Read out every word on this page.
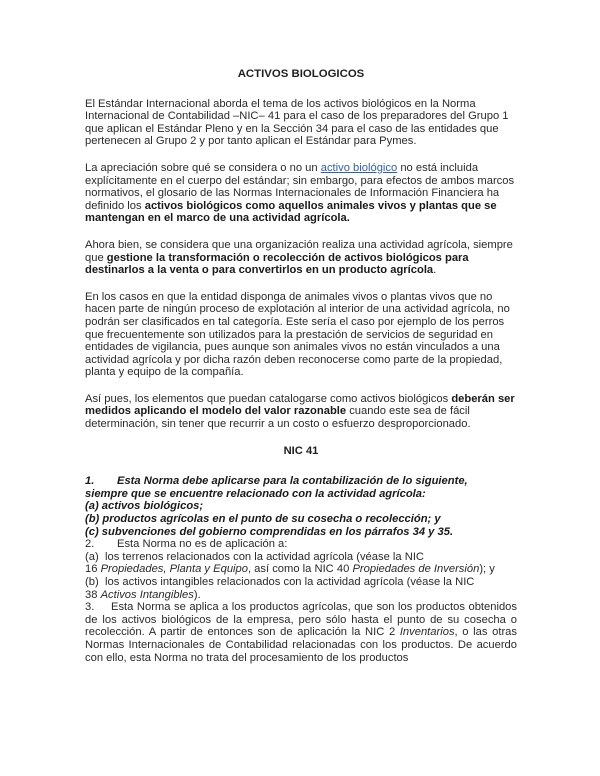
ACTIVOS BIOLOGICOS

El Estándar Internacional aborda el tema de los activos biológicos en la Norma Internacional de Contabilidad –NIC– 41 para el caso de los preparadores del Grupo 1 que aplican el Estándar Pleno y en la Sección 34 para el caso de las entidades que pertenecen al Grupo 2 y por tanto aplican el Estándar para Pymes.

La apreciación sobre qué se considera o no un activo biológico no está incluida explícitamente en el cuerpo del estándar; sin embargo, para efectos de ambos marcos normativos, el glosario de las Normas Internacionales de Información Financiera ha definido los activos biológicos como aquellos animales vivos y plantas que se mantengan en el marco de una actividad agrícola.

Ahora bien, se considera que una organización realiza una actividad agrícola, siempre que gestione la transformación o recolección de activos biológicos para destinarlos a la venta o para convertirlos en un producto agrícola.

En los casos en que la entidad disponga de animales vivos o plantas vivos que no hacen parte de ningún proceso de explotación al interior de una actividad agrícola, no podrán ser clasificados en tal categoría. Este sería el caso por ejemplo de los perros que frecuentemente son utilizados para la prestación de servicios de seguridad en entidades de vigilancia, pues aunque son animales vivos no están vinculados a una actividad agrícola y por dicha razón deben reconocerse como parte de la propiedad, planta y equipo de la compañía.

Así pues, los elementos que puedan catalogarse como activos biológicos deberán ser medidos aplicando el modelo del valor razonable cuando este sea de fácil determinación, sin tener que recurrir a un costo o esfuerzo desproporcionado.

NIC 41
1. Esta Norma debe aplicarse para la contabilización de lo siguiente,
siempre que se encuentre relacionado con la actividad agrícola:
(a) activos biológicos;
(b) productos agrícolas en el punto de su cosecha o recolección; y
(c) subvenciones del gobierno comprendidas en los párrafos 34 y 35.
2. Esta Norma no es de aplicación a:
(a) los terrenos relacionados con la actividad agrícola (véase la NIC
16 Propiedades, Planta y Equipo, así como la NIC 40 Propiedades de Inversión); y
(b) los activos intangibles relacionados con la actividad agrícola (véase la NIC
38 Activos Intangibles).
3. Esta Norma se aplica a los productos agrícolas, que son los productos obtenidos de los activos biológicos de la empresa, pero sólo hasta el punto de su cosecha o recolección. A partir de entonces son de aplicación la NIC 2 Inventarios, o las otras Normas Internacionales de Contabilidad relacionadas con los productos. De acuerdo con ello, esta Norma no trata del procesamiento de los productos
